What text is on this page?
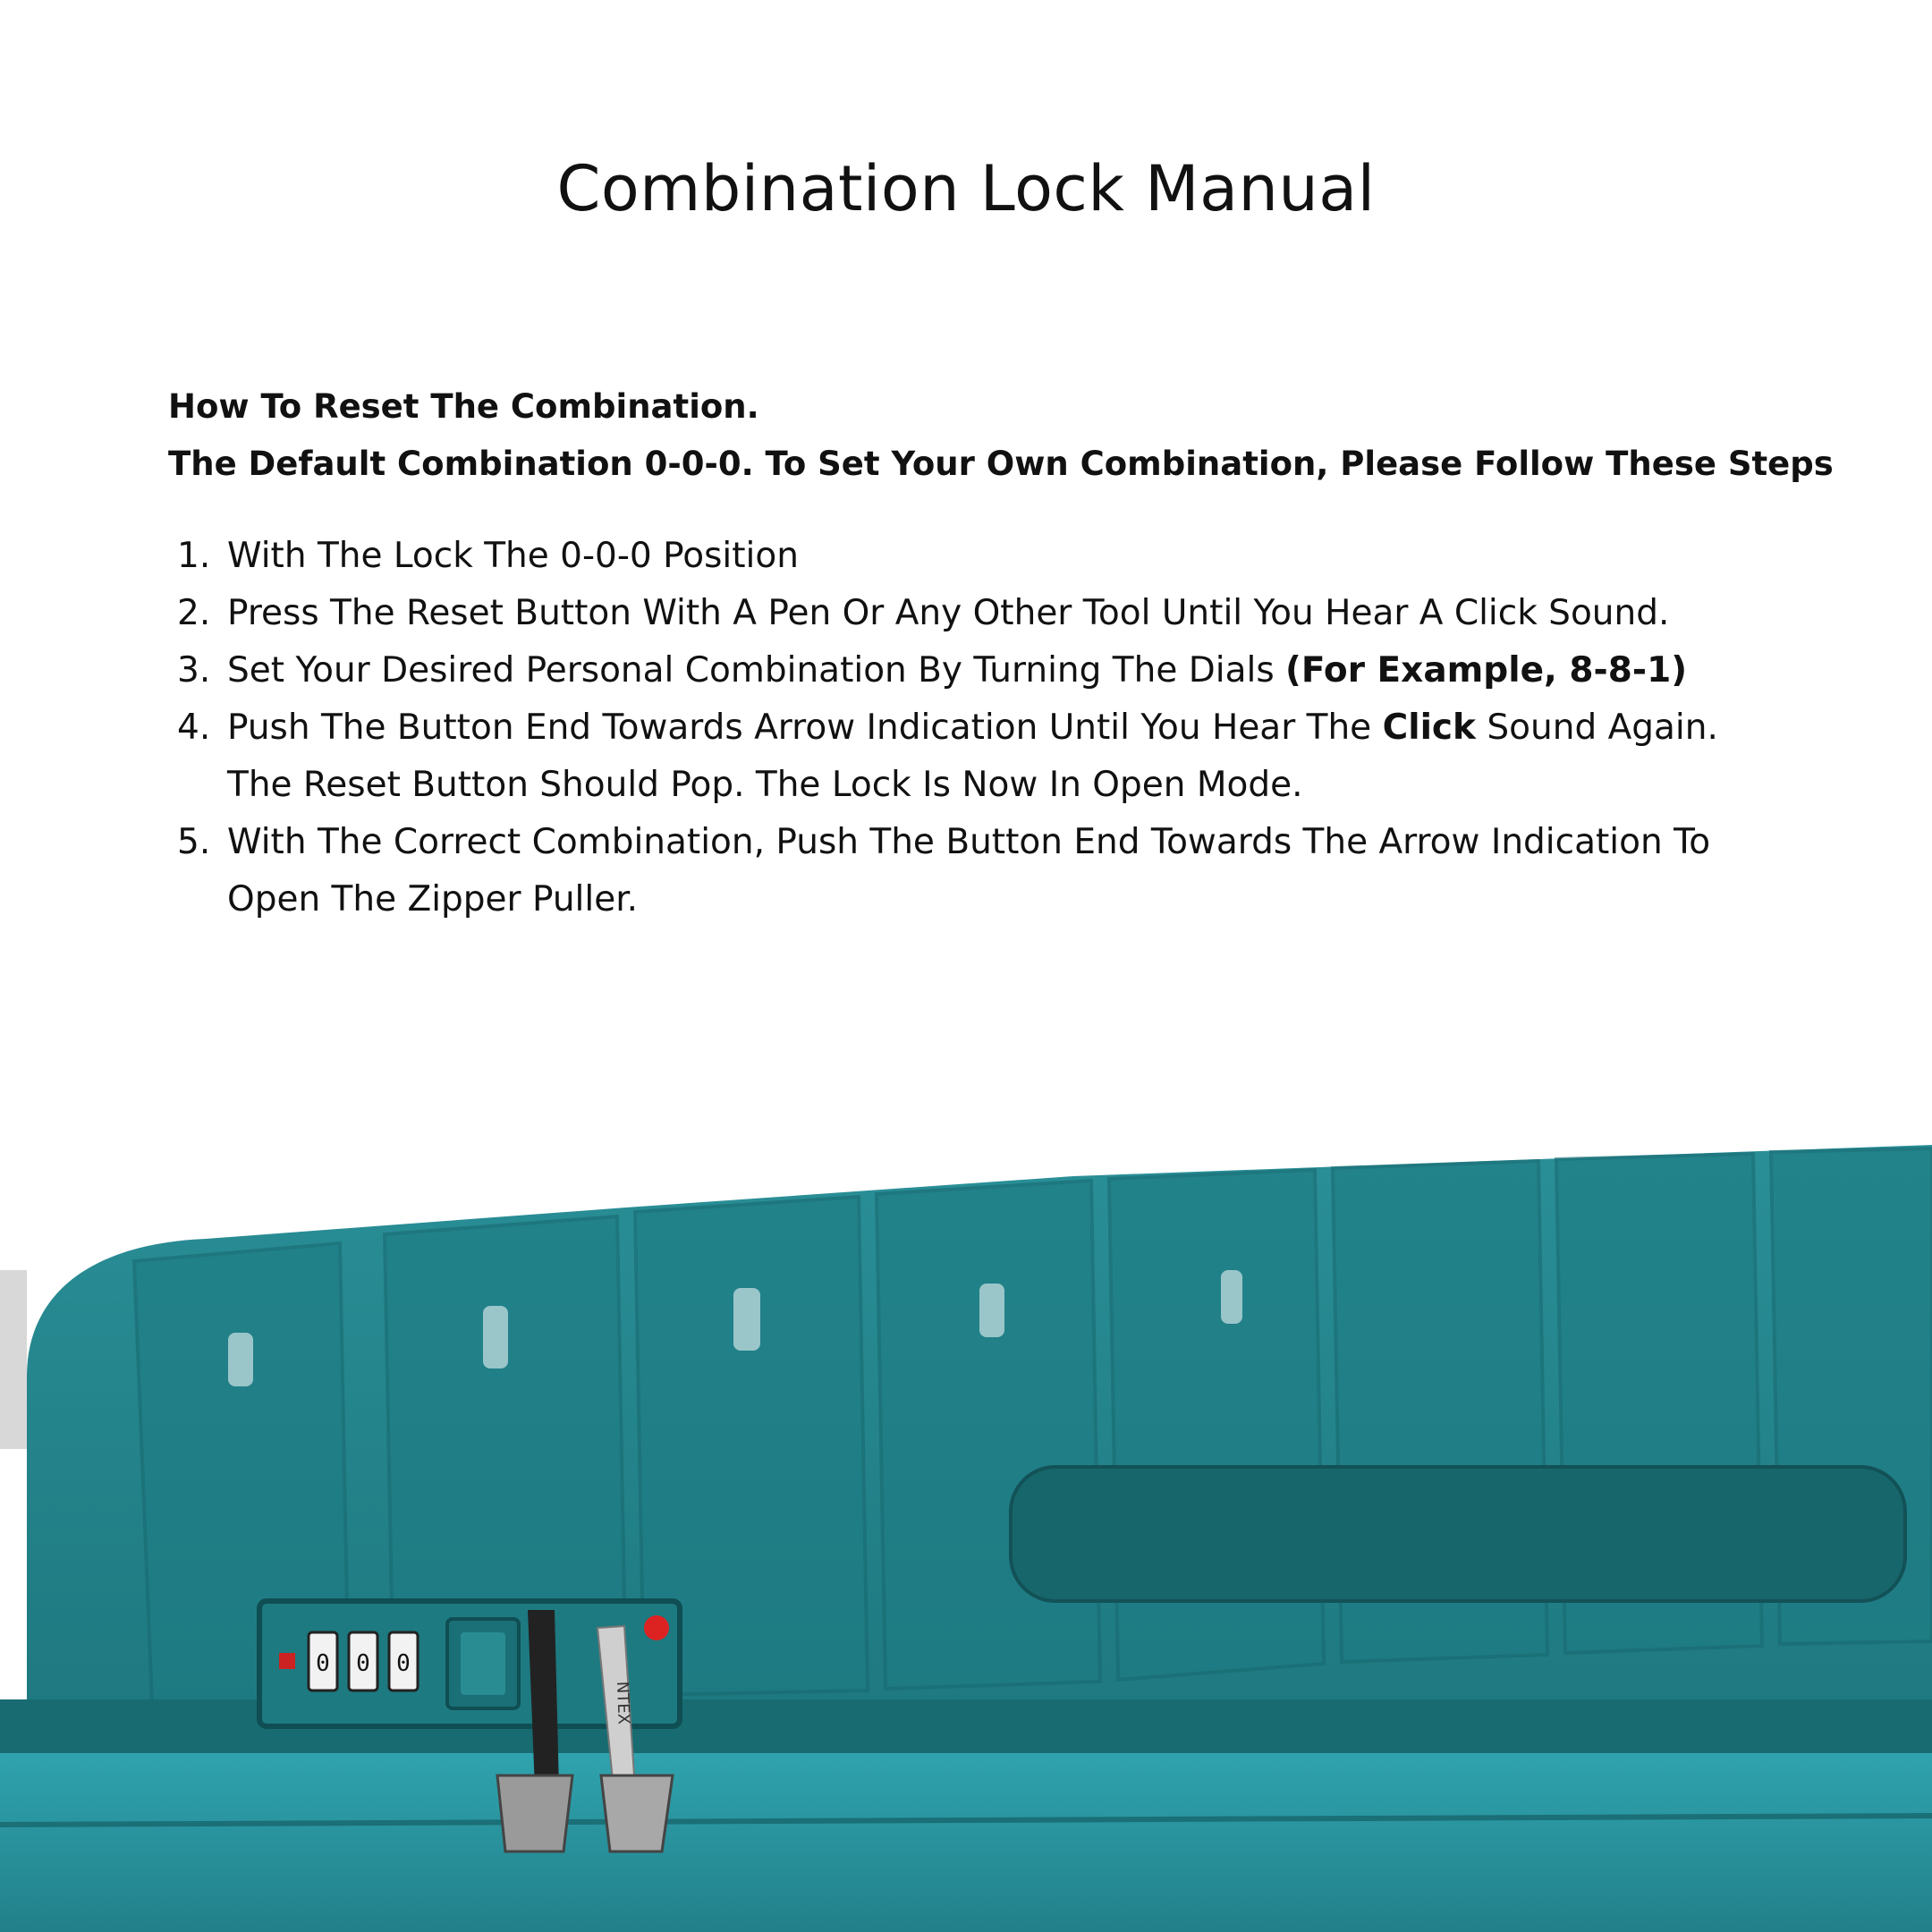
Combination Lock Manual
How To Reset The Combination.
The Default Combination 0-0-0. To Set Your Own Combination, Please Follow These Steps
1. With The Lock The 0-0-0 Position
2. Press The Reset Button With A Pen Or Any Other Tool Until You Hear A Click Sound.
3. Set Your Desired Personal Combination By Turning The Dials (For Example, 8-8-1)
4. Push The Button End Towards Arrow Indication Until You Hear The Click Sound Again.
The Reset Button Should Pop. The Lock Is Now In Open Mode.
5. With The Correct Combination, Push The Button End Towards The Arrow Indication To
Open The Zipper Puller.
0 0 0
NTEX
